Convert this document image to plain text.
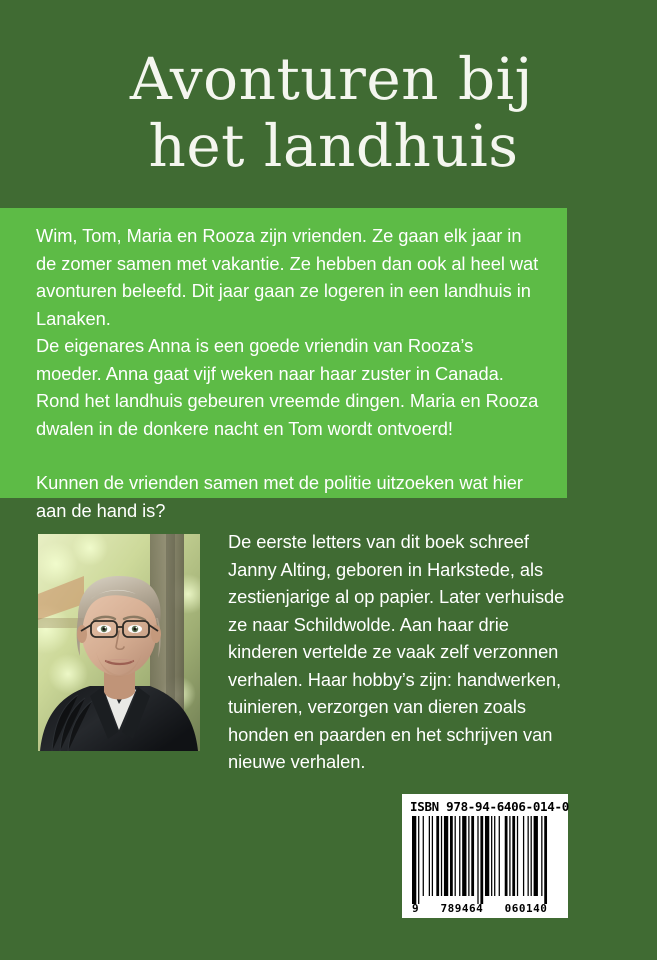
Avonturen bij
het landhuis

Wim, Tom, Maria en Rooza zijn vrienden. Ze gaan elk jaar in de zomer samen met vakantie. Ze hebben dan ook al heel wat avonturen beleefd. Dit jaar gaan ze logeren in een landhuis in Lanaken.

De eigenares Anna is een goede vriendin van Rooza’s moeder. Anna gaat vijf weken naar haar zuster in Canada. Rond het landhuis gebeuren vreemde dingen. Maria en Rooza dwalen in de donkere nacht en Tom wordt ontvoerd!

Kunnen de vrienden samen met de politie uitzoeken wat hier aan de hand is?

De eerste letters van dit boek schreef Janny Alting, geboren in Harkstede, als zestienjarige al op papier. Later verhuisde ze naar Schildwolde. Aan haar drie kinderen vertelde ze vaak zelf verzonnen verhalen. Haar hobby’s zijn: handwerken, tuinieren, verzorgen van dieren zoals honden en paarden en het schrijven van nieuwe verhalen.

ISBN 978-94-6406-014-0
9 789464 060140
